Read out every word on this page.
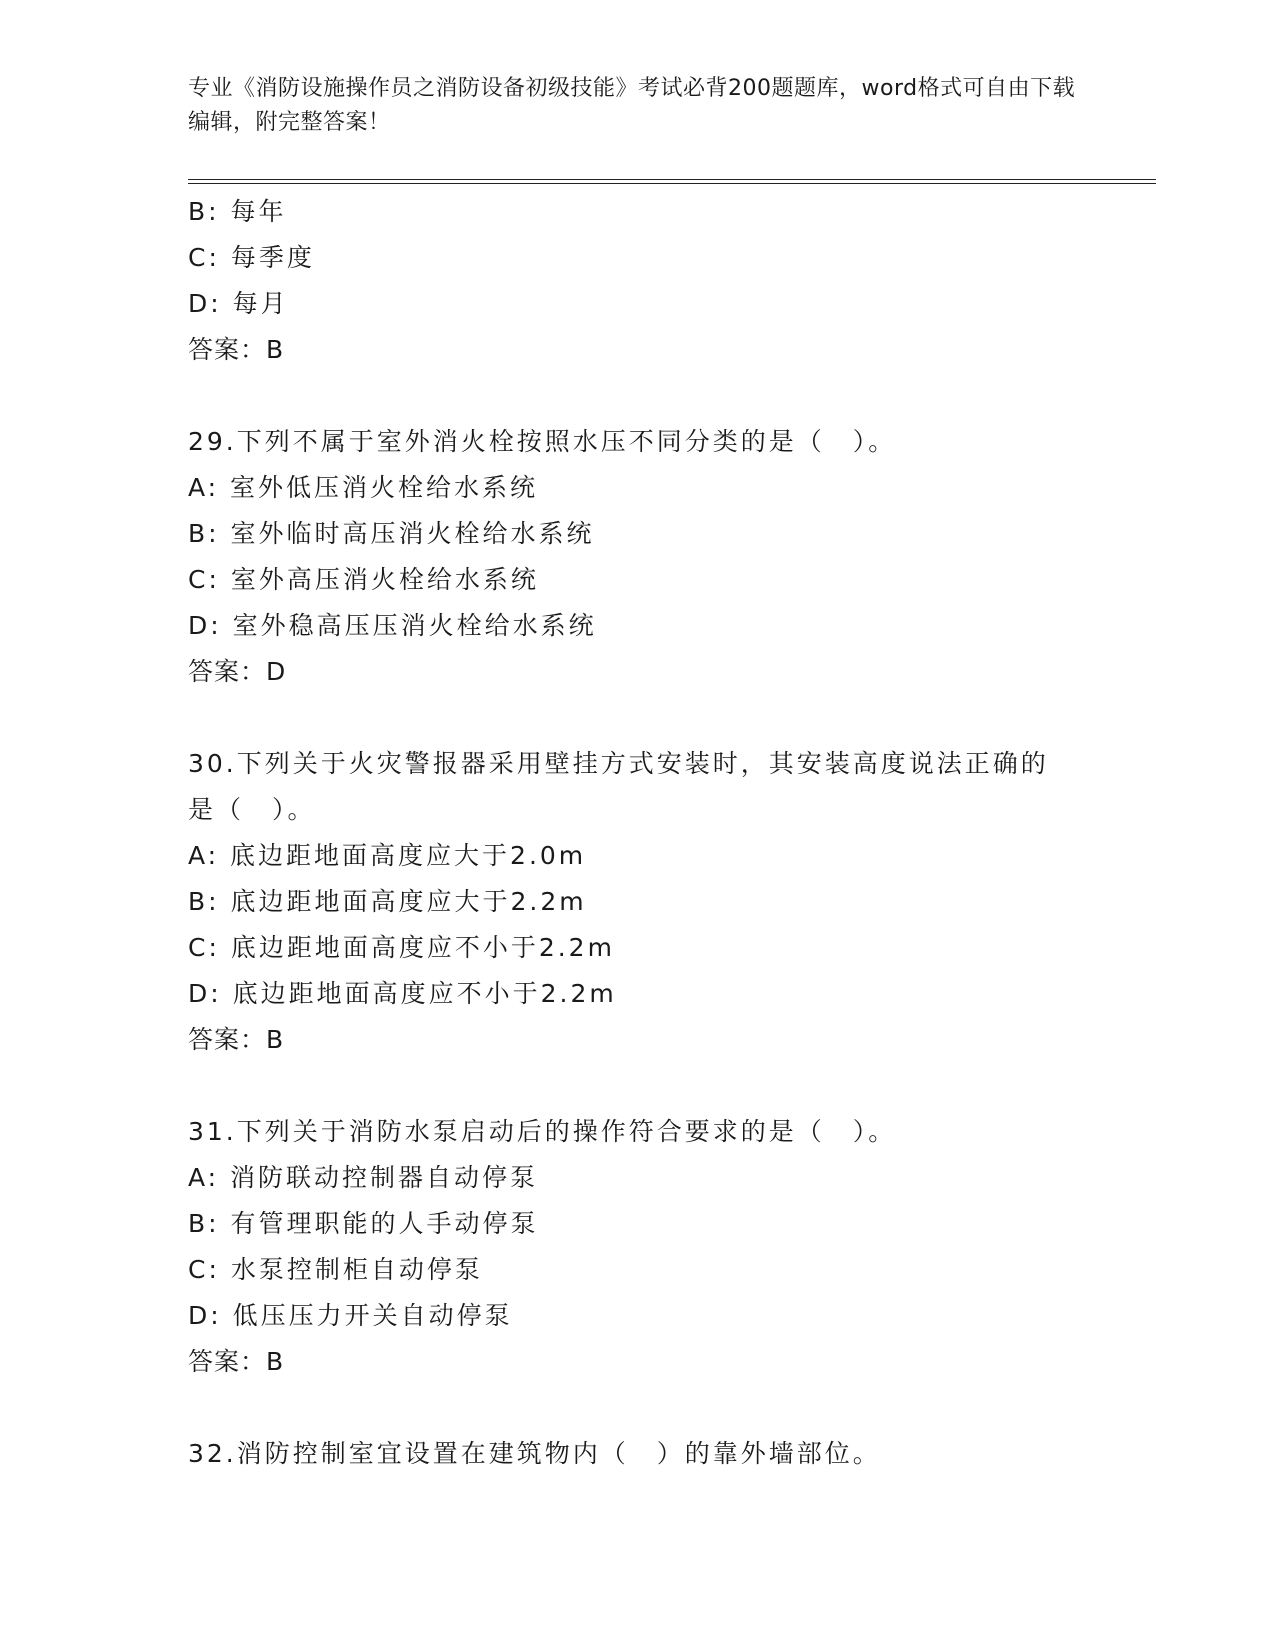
专业《消防设施操作员之消防设备初级技能》考试必背200题题库，word格式可自由下载编辑，附完整答案！
B: 每年
C: 每季度
D: 每月
答案：B
29.下列不属于室外消火栓按照水压不同分类的是（　）。
A: 室外低压消火栓给水系统
B: 室外临时高压消火栓给水系统
C: 室外高压消火栓给水系统
D: 室外稳高压压消火栓给水系统
答案：D
30.下列关于火灾警报器采用壁挂方式安装时，其安装高度说法正确的
是（　）。
A: 底边距地面高度应大于2.0m
B: 底边距地面高度应大于2.2m
C: 底边距地面高度应不小于2.2m
D: 底边距地面高度应不小于2.2m
答案：B
31.下列关于消防水泵启动后的操作符合要求的是（　）。
A: 消防联动控制器自动停泵
B: 有管理职能的人手动停泵
C: 水泵控制柜自动停泵
D: 低压压力开关自动停泵
答案：B
32.消防控制室宜设置在建筑物内（　）的靠外墙部位。
